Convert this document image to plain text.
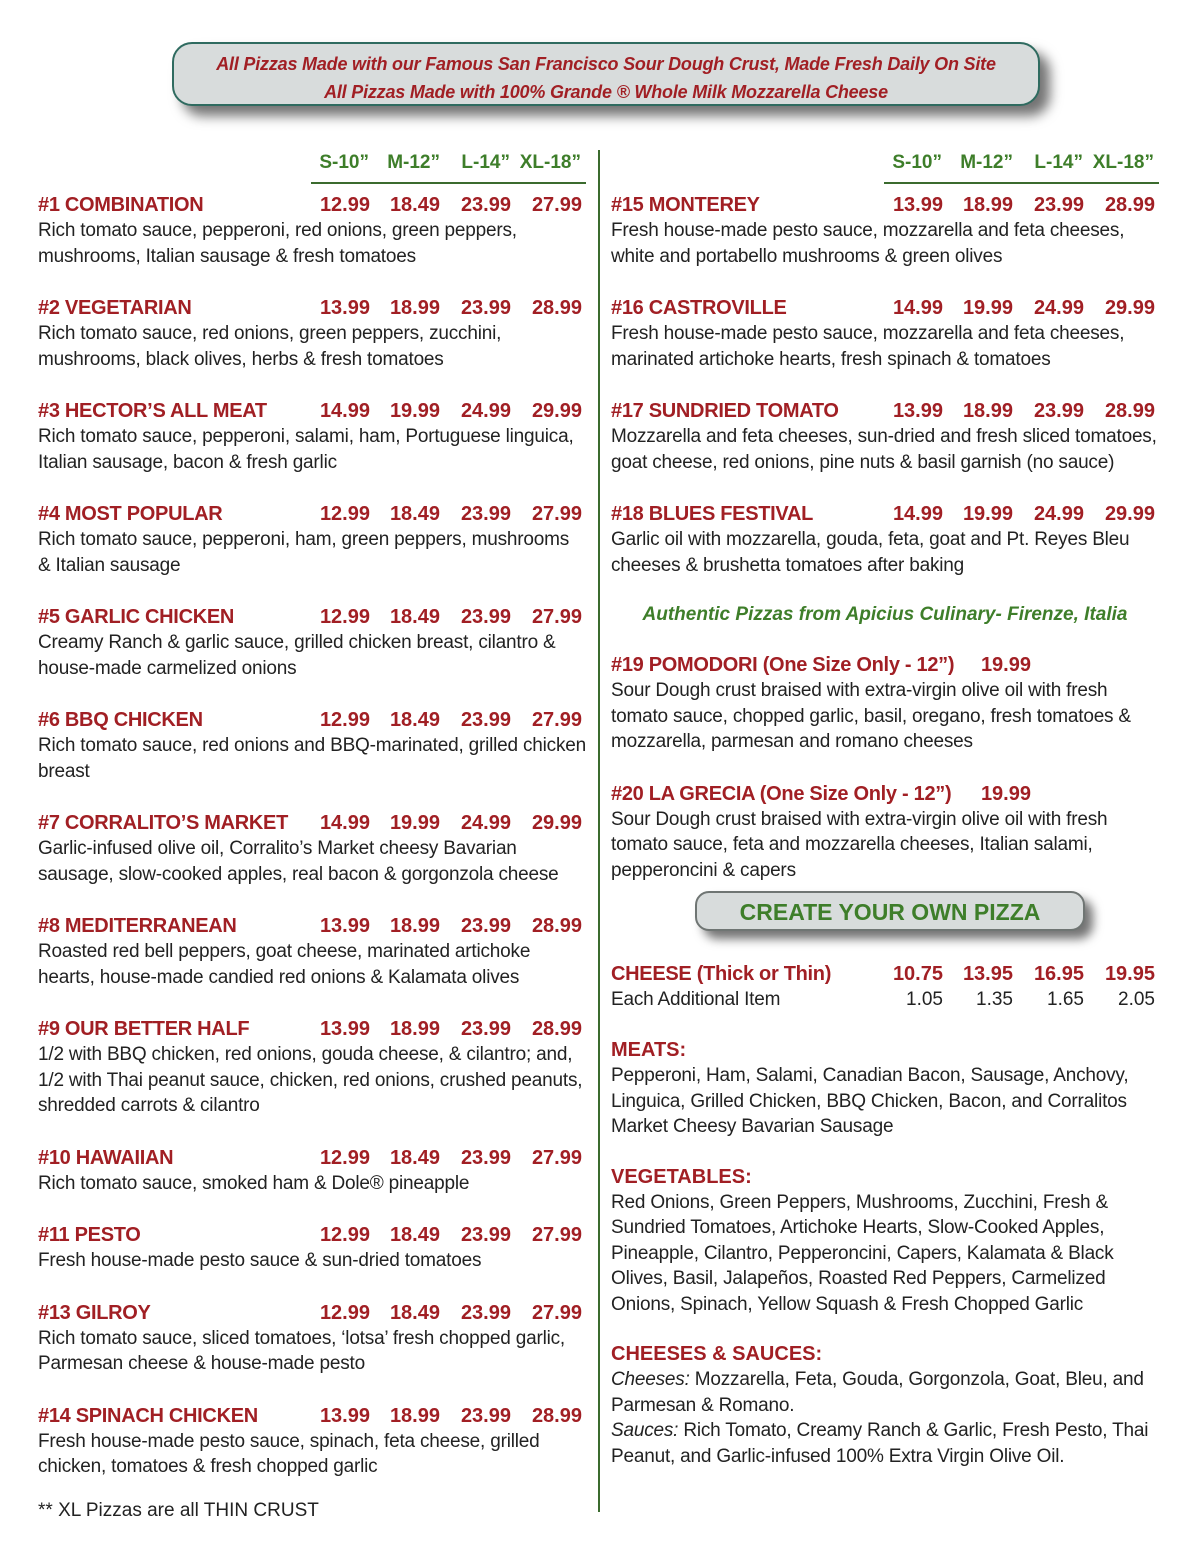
All Pizzas Made with our Famous San Francisco Sour Dough Crust, Made Fresh Daily On Site
All Pizzas Made with 100% Grande ® Whole Milk Mozzarella Cheese
S-10” M-12”	L-14” XL-18”
#1 COMBINATION	12.99 18.49	23.99	27.99
Rich tomato sauce, pepperoni, red onions, green peppers, mushrooms, Italian sausage & fresh tomatoes
#2 VEGETARIAN	13.99 18.99	23.99	28.99
Rich tomato sauce, red onions, green peppers, zucchini, mushrooms, black olives, herbs & fresh tomatoes
#3 HECTOR’S ALL MEAT	14.99 19.99	24.99	29.99
Rich tomato sauce, pepperoni, salami, ham, Portuguese linguica, Italian sausage, bacon & fresh garlic
#4 MOST POPULAR	12.99 18.49	23.99	27.99
Rich tomato sauce, pepperoni, ham, green peppers, mushrooms & Italian sausage
#5 GARLIC CHICKEN	12.99 18.49	23.99	27.99
Creamy Ranch & garlic sauce, grilled chicken breast, cilantro & house-made carmelized onions
#6 BBQ CHICKEN	12.99 18.49	23.99	27.99
Rich tomato sauce, red onions and BBQ-marinated, grilled chicken breast
#7 CORRALITO’S MARKET	14.99 19.99	24.99	29.99
Garlic-infused olive oil, Corralito’s Market cheesy Bavarian sausage, slow-cooked apples, real bacon & gorgonzola cheese
#8 MEDITERRANEAN	13.99 18.99	23.99	28.99
Roasted red bell peppers, goat cheese, marinated artichoke hearts, house-made candied red onions & Kalamata olives
#9 OUR BETTER HALF	13.99 18.99	23.99	28.99
1/2 with BBQ chicken, red onions, gouda cheese, & cilantro; and, 1/2 with Thai peanut sauce, chicken, red onions, crushed peanuts, shredded carrots & cilantro
#10 HAWAIIAN	12.99 18.49	23.99	27.99
Rich tomato sauce, smoked ham & Dole® pineapple
#11 PESTO	12.99 18.49	23.99	27.99
Fresh house-made pesto sauce & sun-dried tomatoes
#13 GILROY	12.99 18.49	23.99	27.99
Rich tomato sauce, sliced tomatoes, ‘lotsa’ fresh chopped garlic, Parmesan cheese & house-made pesto
#14 SPINACH CHICKEN	13.99 18.99	23.99	28.99
Fresh house-made pesto sauce, spinach, feta cheese, grilled chicken, tomatoes & fresh chopped garlic
** XL Pizzas are all THIN CRUST
S-10” M-12”	L-14” XL-18”
#15 MONTEREY	13.99 18.99	23.99	28.99
Fresh house-made pesto sauce, mozzarella and feta cheeses, white and portabello mushrooms & green olives
#16 CASTROVILLE	14.99 19.99	24.99	29.99
Fresh house-made pesto sauce, mozzarella and feta cheeses, marinated artichoke hearts, fresh spinach & tomatoes
#17 SUNDRIED TOMATO	13.99 18.99	23.99	28.99
Mozzarella and feta cheeses, sun-dried and fresh sliced tomatoes, goat cheese, red onions, pine nuts & basil garnish (no sauce)
#18 BLUES FESTIVAL	14.99 19.99	24.99	29.99
Garlic oil with mozzarella, gouda, feta, goat and Pt. Reyes Bleu cheeses & brushetta tomatoes after baking
Authentic Pizzas from Apicius Culinary- Firenze, Italia
#19 POMODORI (One Size Only - 12”)	19.99
Sour Dough crust braised with extra-virgin olive oil with fresh tomato sauce, chopped garlic, basil, oregano, fresh tomatoes & mozzarella, parmesan and romano cheeses
#20 LA GRECIA (One Size Only - 12”)	19.99
Sour Dough crust braised with extra-virgin olive oil with fresh tomato sauce, feta and mozzarella cheeses, Italian salami, pepperoncini & capers
CREATE YOUR OWN PIZZA
CHEESE (Thick or Thin)	10.75 13.95	16.95	19.95
Each Additional Item	1.05	1.35	1.65	2.05
MEATS:
Pepperoni, Ham, Salami, Canadian Bacon, Sausage, Anchovy, Linguica, Grilled Chicken, BBQ Chicken, Bacon, and Corralitos Market Cheesy Bavarian Sausage
VEGETABLES:
Red Onions, Green Peppers, Mushrooms, Zucchini, Fresh & Sundried Tomatoes, Artichoke Hearts, Slow-Cooked Apples, Pineapple, Cilantro, Pepperoncini, Capers, Kalamata & Black Olives, Basil, Jalapeños, Roasted Red Peppers, Carmelized Onions, Spinach, Yellow Squash & Fresh Chopped Garlic
CHEESES & SAUCES:
Cheeses: Mozzarella, Feta, Gouda, Gorgonzola, Goat, Bleu, and Parmesan & Romano.
Sauces: Rich Tomato, Creamy Ranch & Garlic, Fresh Pesto, Thai Peanut, and Garlic-infused 100% Extra Virgin Olive Oil.
